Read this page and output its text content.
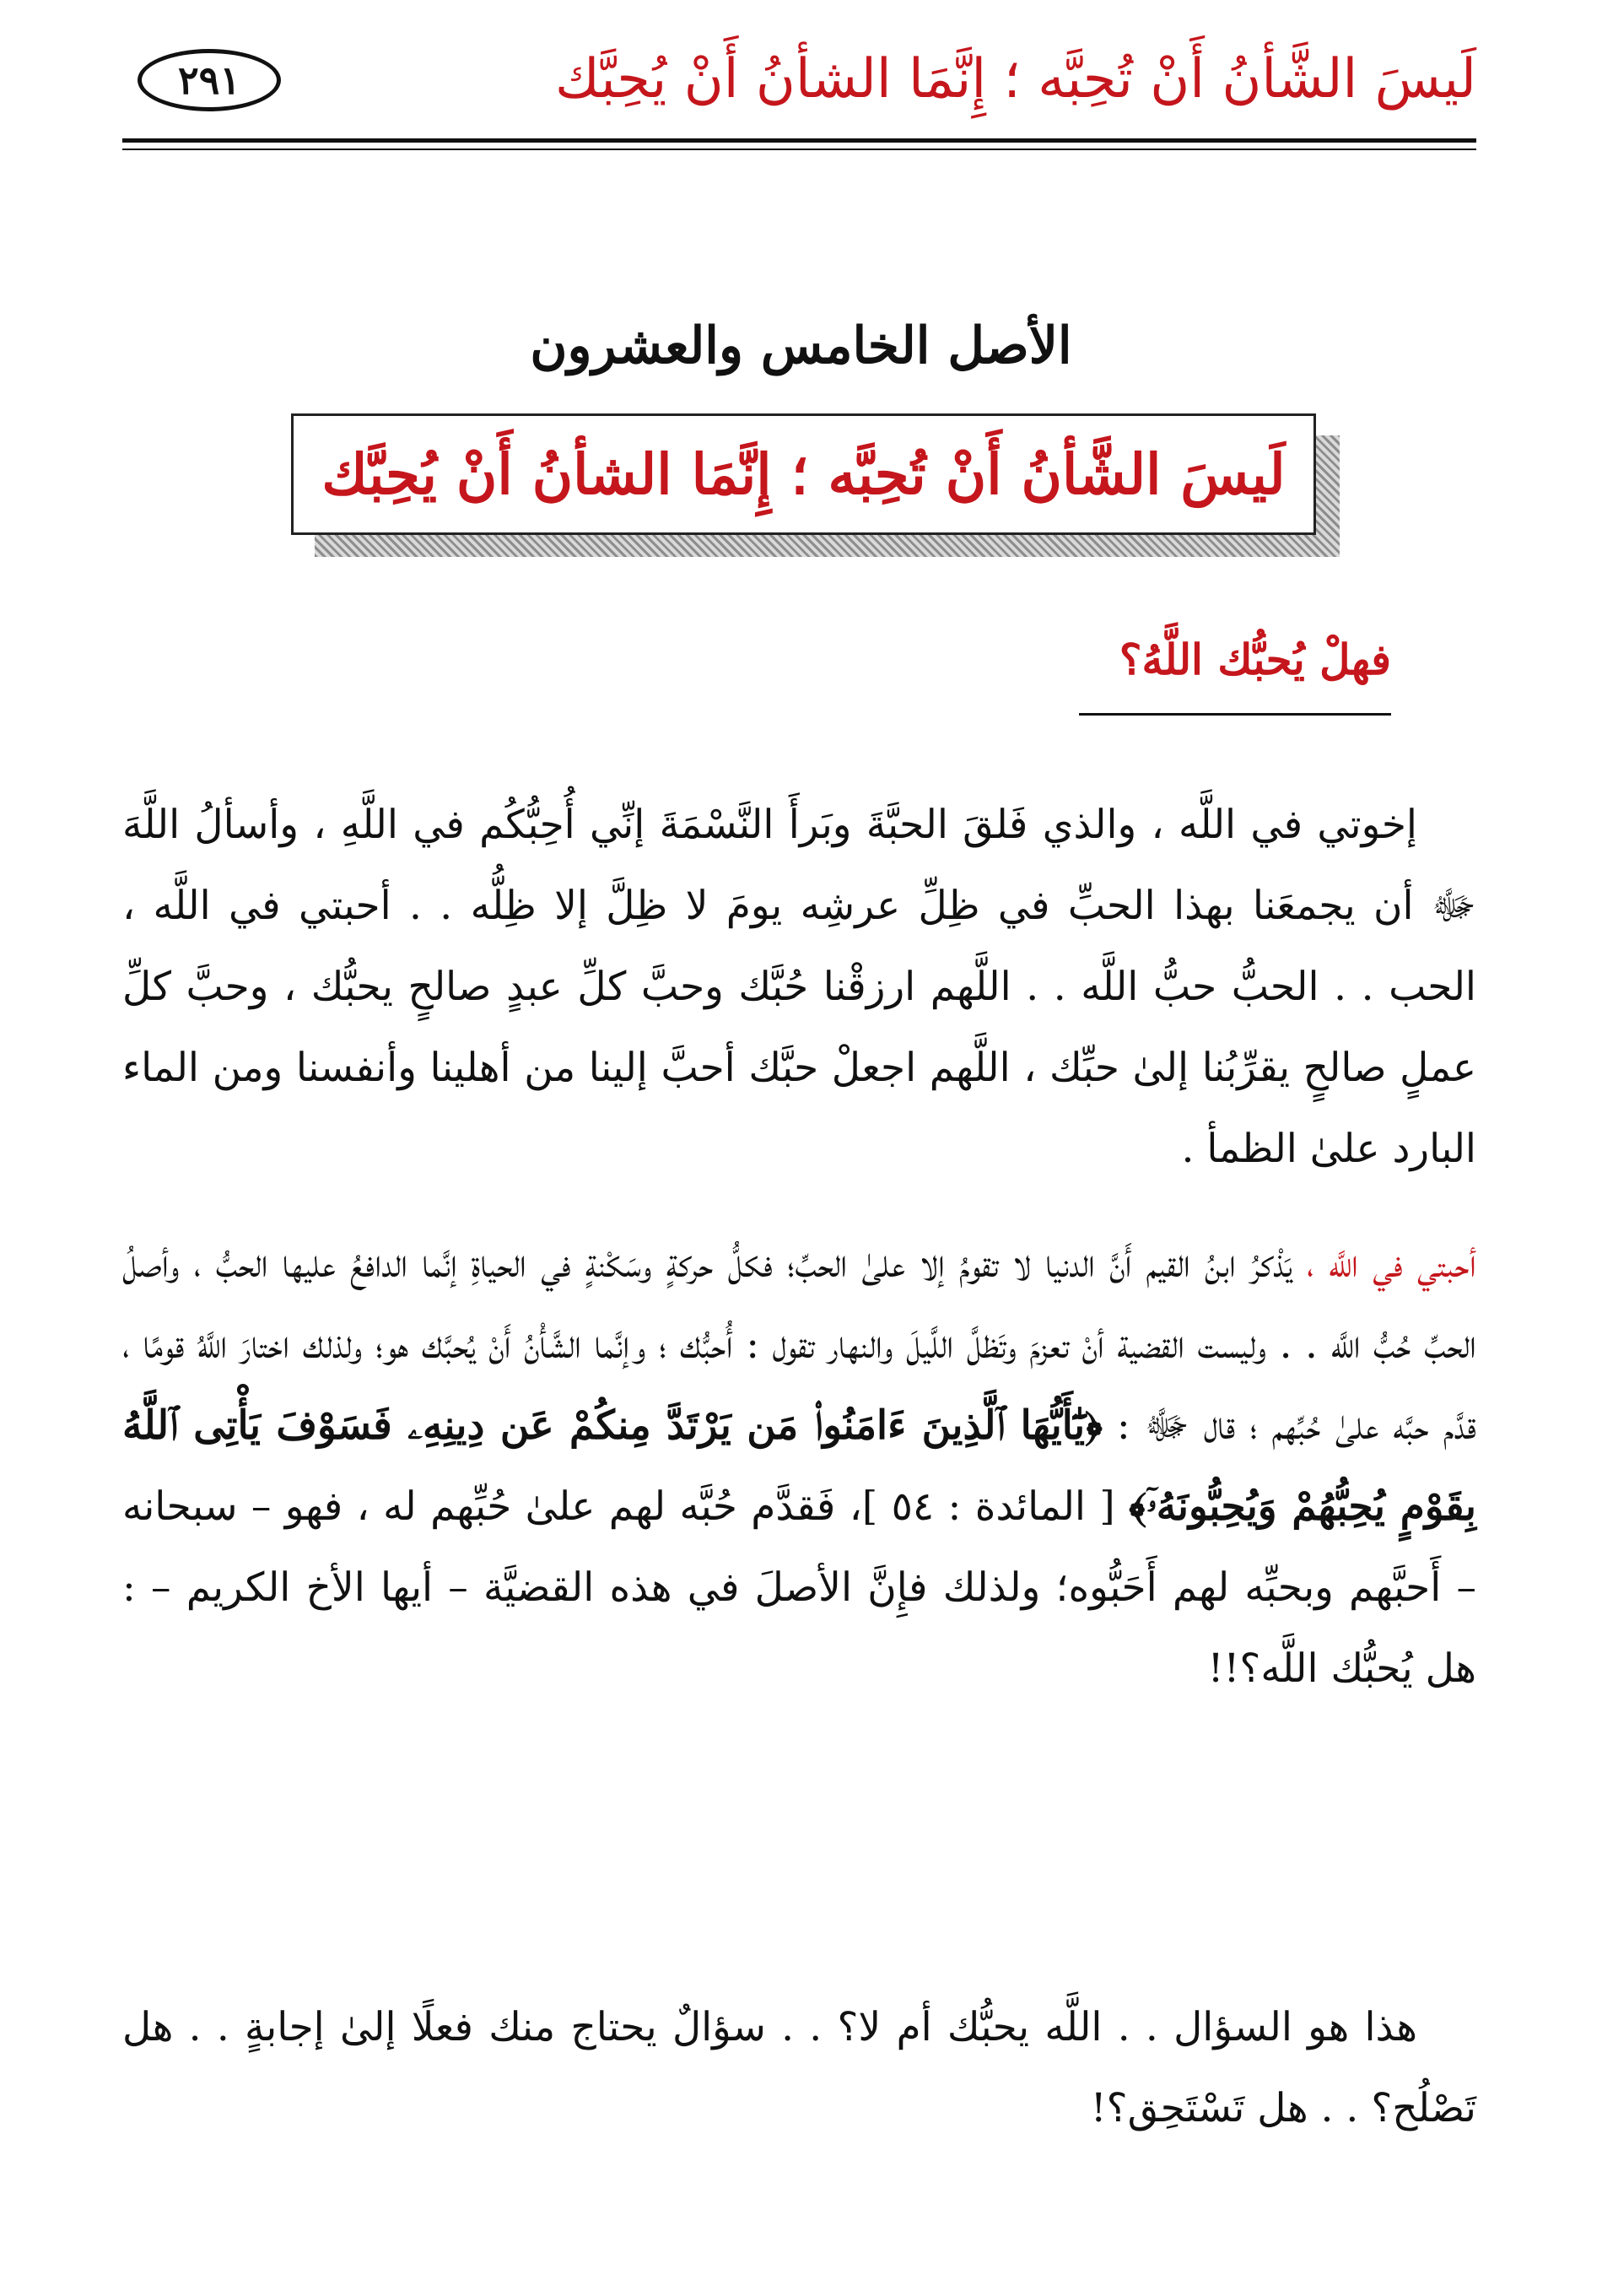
لَيسَ الشَّأنُ أَنْ تُحِبَّه ؛ إِنَّمَا الشأنُ أَنْ يُحِبَّك
٢٩١
الأصل الخامس والعشرون
لَيسَ الشَّأنُ أَنْ تُحِبَّه ؛ إِنَّمَا الشأنُ أَنْ يُحِبَّك
فهلْ يُحبُّك اللَّهُ؟
إخوتي في اللَّه ، والذي فَلقَ الحبَّةَ وبَرأَ النَّسْمَةَ إنِّي أُحِبُّكُم في اللَّهِ ، وأسألُ اللَّهَ ﷻ أن يجمعَنا بهذا الحبِّ في ظِلِّ عرشِه يومَ لا ظِلَّ إلا ظِلُّه . . أحبتي في اللَّه ، الحب . . الحبُّ حبُّ اللَّه . . اللَّهم ارزقْنا حُبَّك وحبَّ كلِّ عبدٍ صالحٍ يحبُّك ، وحبَّ كلِّ عملٍ صالحٍ يقرِّبُنا إلىٰ حبِّك ، اللَّهم اجعلْ حبَّك أحبَّ إلينا من أهلينا وأنفسنا ومن الماء البارد علىٰ الظمأ .
أحبتي في اللَّه ، يَذْكرُ ابنُ القيم أَنَّ الدنيا لا تقومُ إلا علىٰ الحبِّ؛ فكلُّ حركةٍ وسَكْنةٍ في الحياةِ إنَّما الدافعُ عليها الحبُّ ، وأصلُ الحبِّ حُبُّ اللَّه . . وليست القضية أنْ تعزمَ وتَظلَّ اللَّيلَ والنهار تقول : أُحبُّك ؛ وإنَّما الشَّأْنُ أَنْ يُحبَّك هو؛ ولذلك اختارَ اللَّهُ قومًا ، قدَّم حبَّه علىٰ حُبِّهم ؛ قال ﷻ : ﴿يَٰٓأَيُّهَا ٱلَّذِينَ ءَامَنُوا۟ مَن يَرْتَدَّ مِنكُمْ عَن دِينِهِۦ فَسَوْفَ يَأْتِى ٱللَّهُ بِقَوْمٍ يُحِبُّهُمْ وَيُحِبُّونَهُۥٓ﴾ [ المائدة : ٥٤ ]، فَقدَّم حُبَّه لهم علىٰ حُبِّهم له ، فهو – سبحانه – أَحبَّهم وبحبِّه لهم أَحَبُّوه؛ ولذلك فإِنَّ الأصلَ في هذه القضيَّة – أيها الأخ الكريم – : هل يُحبُّك اللَّه؟!!
هذا هو السؤال . . اللَّه يحبُّك أم لا؟ . . سؤالٌ يحتاج منك فعلًا إلىٰ إجابةٍ . . هل تَصْلُح؟ . . هل تَسْتَحِق؟!
